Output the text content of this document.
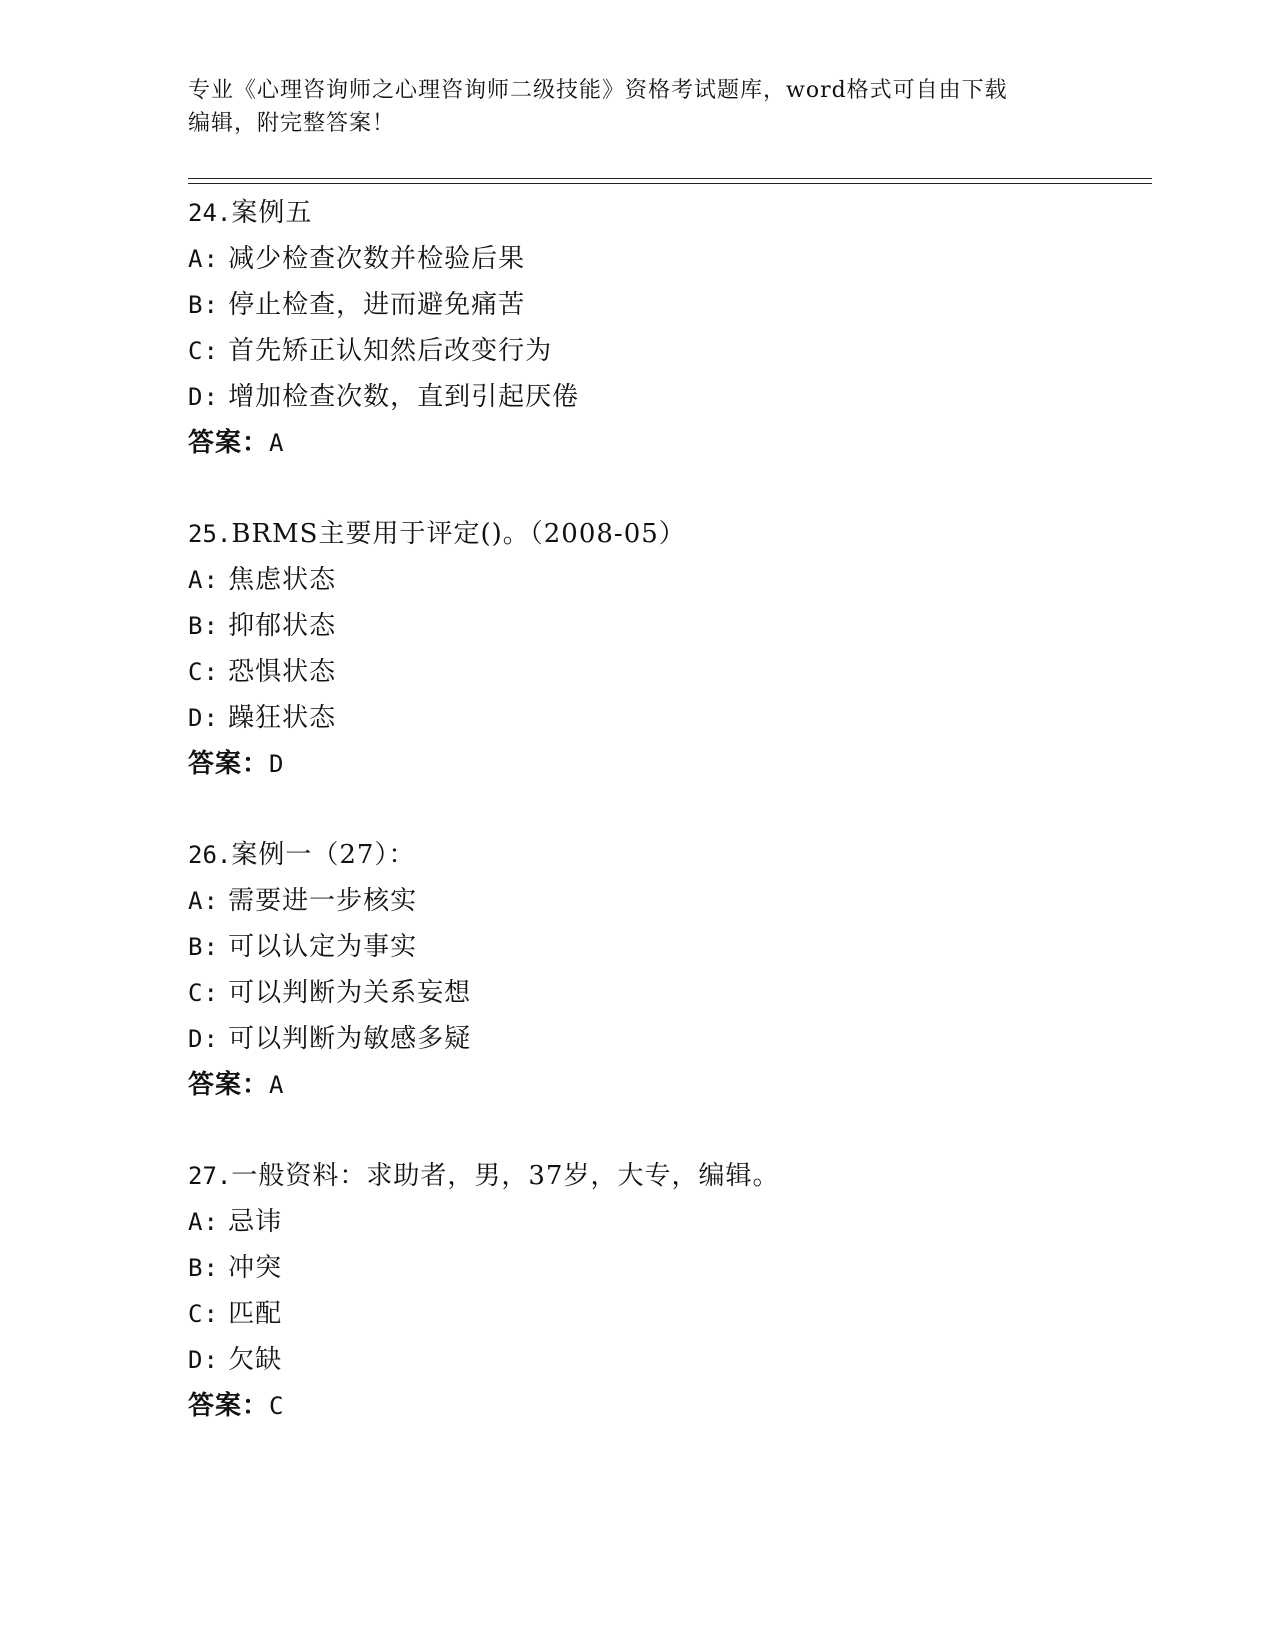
专业《心理咨询师之心理咨询师二级技能》资格考试题库，word格式可自由下载
编辑，附完整答案！
24.案例五
A: 减少检查次数并检验后果
B: 停止检查，进而避免痛苦
C: 首先矫正认知然后改变行为
D: 增加检查次数，直到引起厌倦
答案：A
25.BRMS主要用于评定()。（2008-05）
A: 焦虑状态
B: 抑郁状态
C: 恐惧状态
D: 躁狂状态
答案：D
26.案例一（27）：
A: 需要进一步核实
B: 可以认定为事实
C: 可以判断为关系妄想
D: 可以判断为敏感多疑
答案：A
27.一般资料：求助者，男，37岁，大专，编辑。
A: 忌讳
B: 冲突
C: 匹配
D: 欠缺
答案：C
